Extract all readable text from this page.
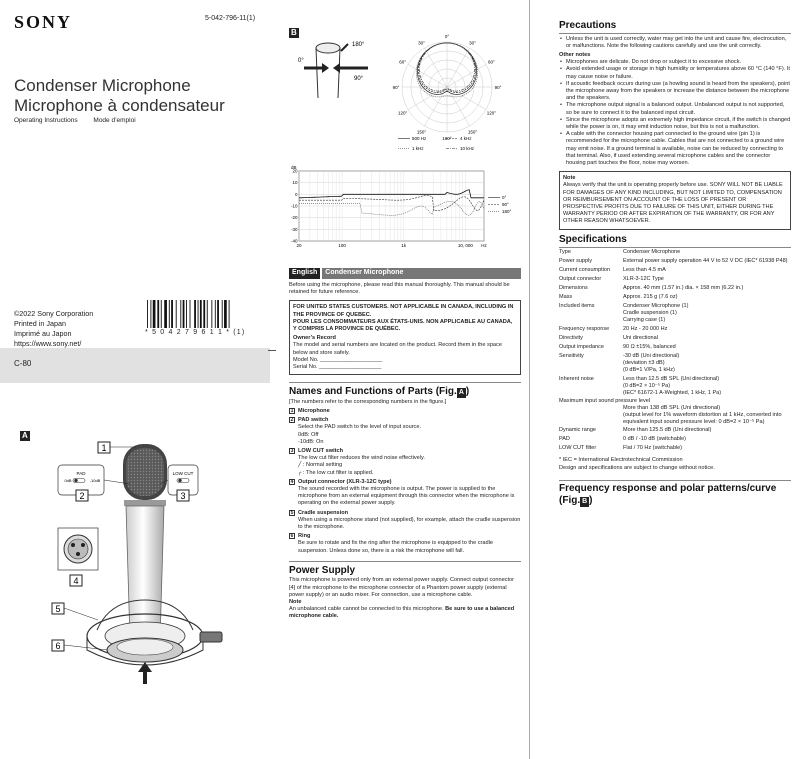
SONY	5-042-796-11(1)
Condenser Microphone
Microphone à condensateur
Operating Instructions Mode d’emploi
©2022 Sony Corporation
Printed in Japan
Imprimé au Japon
https://www.sony.net/
* 5 0 4 2 7 9 6 1 1 * (1)
C-80
A
1
PAD
0dB	-10dB
2
LOW CUT
3
4
5
6
B
180°
0°
90°
0°
30°	30°
60°	60°
90°	90°
120°	120°
150°	150°
180°
500 Hz	4 kHz
1 kHz	10 kHz
dB
20
10
0
-10
-20
-30
-40
20	100	1k	10, 000 Hz
0°
90°
180°
English	Condenser Microphone
Before using the microphone, please read this manual thoroughly. This manual should be retained for future reference.
FOR UNITED STATES CUSTOMERS. NOT APPLICABLE IN CANADA, INCLUDING IN THE PROVINCE OF QUEBEC.
POUR LES CONSOMMATEURS AUX ÉTATS-UNIS. NON APPLICABLE AU CANADA, Y COMPRIS LA PROVINCE DE QUÉBEC.
Owner’s Record
The model and serial numbers are located on the product. Record them in the space below and store safely.
Model No. ____________________
Serial No. ____________________
Names and Functions of Parts (Fig. A )
[The numbers refer to the corresponding numbers in the figure.]
1 Microphone
2 PAD switch
Select the PAD switch to the level of input source.
0dB: Off
-10dB: On
3 LOW CUT switch
The low cut filter reduces the wind noise effectively.
╱ : Normal setting
╭ : The low cut filter is applied.
4 Output connector (XLR-3-12C type)
The sound recorded with the microphone is output. The power is supplied to the microphone from an external equipment through this connector when the microphone is operating on the external power supply.
5 Cradle suspension
When using a microphone stand (not supplied), for example, attach the cradle suspension to the microphone.
6 Ring
Be sure to rotate and fix the ring after the microphone is equipped to the cradle suspension. Unless done so, there is a risk the microphone will fall.
Power Supply
This microphone is powered only from an external power supply. Connect output connector [4] of the microphone to the microphone connector of a Phantom power supply (external power supply) or an audio mixer. For connection, use a microphone cable.
Note
An unbalanced cable cannot be connected to this microphone. Be sure to use a balanced microphone cable.
Precautions
• Unless the unit is used correctly, water may get into the unit and cause fire, electrocution, or malfunctions. Note the following cautions carefully and use the unit correctly.
Other notes
• Microphones are delicate. Do not drop or subject it to excessive shock.
• Avoid extended usage or storage in high humidity or temperatures above 60 °C (140 °F). It may cause noise or failure.
• If acoustic feedback occurs during use (a howling sound is heard from the speakers), point the microphone away from the speakers or increase the distance between the microphone and the speakers.
• The microphone output signal is a balanced output. Unbalanced output is not supported, so be sure to connect it to the balanced input circuit.
• Since the microphone adopts an extremely high impedance circuit, if the switch is changed while the power is on, it may emit induction noise, but this is not a malfunction.
• A cable with the connector housing part connected to the ground wire (pin 1) is recommended for the microphone cable. Cables that are not connected to a ground wire may emit noise. If a ground terminal is available, noise can be reduced by connecting to that terminal. Also, if used extending several microphone cables and the connector housing part touches the floor, noise may worsen.
Note
Always verify that the unit is operating properly before use. SONY WILL NOT BE LIABLE FOR DAMAGES OF ANY KIND INCLUDING, BUT NOT LIMITED TO, COMPENSATION OR REIMBURSEMENT ON ACCOUNT OF THE LOSS OF PRESENT OR PROSPECTIVE PROFITS DUE TO FAILURE OF THIS UNIT, EITHER DURING THE WARRANTY PERIOD OR AFTER EXPIRATION OF THE WARRANTY, OR FOR ANY OTHER REASON WHATSOEVER.
Specifications
Type	Condenser Microphone
Power supply	External power supply operation 44 V to 52 V DC (IEC* 61938 P48)
Current consumption	Less than 4.5 mA
Output connector	XLR-3-12C Type
Dimensions	Approx. 40 mm (1.57 in.) dia. × 158 mm (6.22 in.)
Mass	Approx. 215 g (7.6 oz)
Included items	Condenser Microphone (1)
Cradle suspension (1)
Carrying case (1)
Frequency response	20 Hz - 20 000 Hz
Directivity	Uni directional
Output impedance	90 Ω ±15%, balanced
Sensitivity	-30 dB (Uni directional)
(deviation ±3 dB)
(0 dB=1 V/Pa, 1 kHz)
Inherent noise	Less than 12.5 dB SPL (Uni directional)
(0 dB=2 × 10⁻⁵ Pa)
(IEC* 61672-1 A-Weighted, 1 kHz, 1 Pa)
Maximum input sound pressure level
More than 138 dB SPL (Uni directional)
(output level for 1% waveform distortion at 1 kHz, converted into equivalent input sound pressure level: 0 dB=2 × 10⁻⁵ Pa)
Dynamic range	More than 125.5 dB (Uni directional)
PAD	0 dB / -10 dB (switchable)
LOW CUT filter	Flat / 70 Hz (switchable)
* IEC = International Electrotechnical Commission
Design and specifications are subject to change without notice.
Frequency response and polar patterns/curve
(Fig. B )
